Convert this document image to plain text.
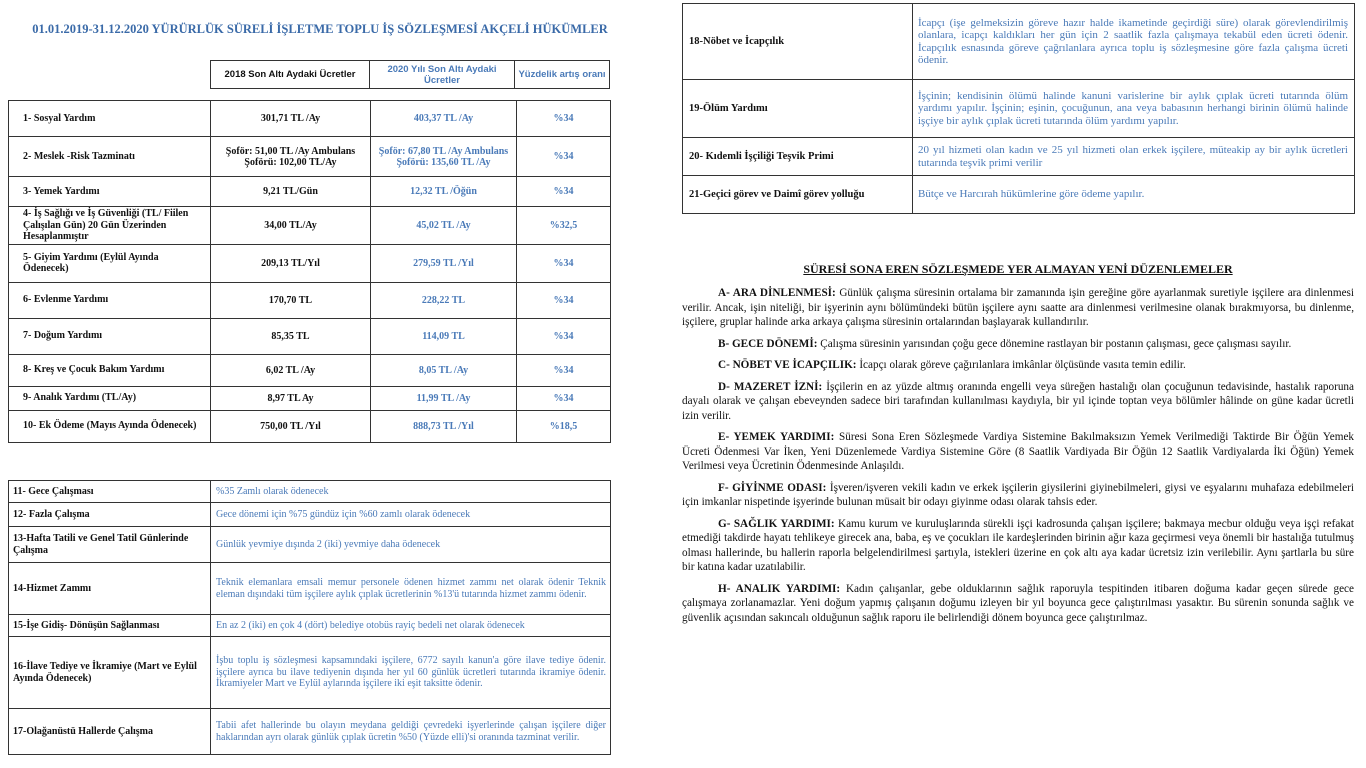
01.01.2019-31.12.2020 YÜRÜRLÜK SÜRELİ İŞLETME TOPLU İŞ SÖZLEŞMESİ AKÇELİ HÜKÜMLER
2018 Son Altı Aydaki Ücretler	2020 Yılı Son Altı Aydaki Ücretler	Yüzdelik artış oranı
1- Sosyal Yardım	301,71 TL /Ay	403,37 TL /Ay	%34
2- Meslek -Risk Tazminatı	Şoför: 51,00 TL /Ay Ambulans Şoförü: 102,00 TL/Ay	Şoför: 67,80 TL /Ay Ambulans Şoförü: 135,60 TL /Ay	%34
3- Yemek Yardımı	9,21 TL/Gün	12,32 TL /Öğün	%34
4- İş Sağlığı ve İş Güvenliği (TL/ Fiilen Çalışılan Gün) 20 Gün Üzerinden Hesaplanmıştır	34,00 TL/Ay	45,02 TL /Ay	%32,5
5- Giyim Yardımı (Eylül Ayında Ödenecek)	209,13 TL/Yıl	279,59 TL /Yıl	%34
6- Evlenme Yardımı	170,70 TL	228,22 TL	%34
7- Doğum Yardımı	85,35 TL	114,09 TL	%34
8- Kreş ve Çocuk Bakım Yardımı	6,02 TL /Ay	8,05 TL /Ay	%34
9- Analık Yardımı (TL/Ay)	8,97 TL Ay	11,99 TL /Ay	%34
10- Ek Ödeme (Mayıs Ayında Ödenecek)	750,00 TL /Yıl	888,73 TL /Yıl	%18,5
11- Gece Çalışması	%35 Zamlı olarak ödenecek
12- Fazla Çalışma	Gece dönemi için %75 gündüz için %60 zamlı olarak ödenecek
13-Hafta Tatili ve Genel Tatil Günlerinde Çalışma	Günlük yevmiye dışında 2 (iki) yevmiye daha ödenecek
14-Hizmet Zammı	Teknik elemanlara emsali memur personele ödenen hizmet zammı net olarak ödenir Teknik eleman dışındaki tüm işçilere aylık çıplak ücretlerinin %13'ü tutarında hizmet zammı ödenir.
15-İşe Gidiş- Dönüşün Sağlanması	En az 2 (iki) en çok 4 (dört) belediye otobüs rayiç bedeli net olarak ödenecek
16-İlave Tediye ve İkramiye (Mart ve Eylül Ayında Ödenecek)	İşbu toplu iş sözleşmesi kapsamındaki işçilere, 6772 sayılı kanun'a göre ilave tediye ödenir. işçilere ayrıca bu ilave tediyenin dışında her yıl 60 günlük ücretleri tutarında ikramiye ödenir. İkramiyeler Mart ve Eylül aylarında işçilere iki eşit taksitte ödenir.
17-Olağanüstü Hallerde Çalışma	Tabii afet hallerinde bu olayın meydana geldiği çevredeki işyerlerinde çalışan işçilere diğer haklarından ayrı olarak günlük çıplak ücretin %50 (Yüzde elli)'si oranında tazminat verilir.
18-Nöbet ve İcapçılık	İcapçı (işe gelmeksizin göreve hazır halde ikametinde geçirdiği süre) olarak görevlendirilmiş olanlara, icapçı kaldıkları her gün için 2 saatlik fazla çalışmaya tekabül eden ücreti ödenir. İcapçılık esnasında göreve çağrılanlara ayrıca toplu iş sözleşmesine göre fazla çalışma ücreti ödenir.
19-Ölüm Yardımı	İşçinin; kendisinin ölümü halinde kanuni varislerine bir aylık çıplak ücreti tutarında ölüm yardımı yapılır. İşçinin; eşinin, çocuğunun, ana veya babasının herhangi birinin ölümü halinde işçiye bir aylık çıplak ücreti tutarında ölüm yardımı yapılır.
20- Kıdemli İşçiliği Teşvik Primi	20 yıl hizmeti olan kadın ve 25 yıl hizmeti olan erkek işçilere, müteakip ay bir aylık ücretleri tutarında teşvik primi verilir
21-Geçici görev ve Daimî görev yolluğu	Bütçe ve Harcırah hükümlerine göre ödeme yapılır.
SÜRESİ SONA EREN SÖZLEŞMEDE YER ALMAYAN YENİ DÜZENLEMELER

A- ARA DİNLENMESİ: Günlük çalışma süresinin ortalama bir zamanında işin gereğine göre ayarlanmak suretiyle işçilere ara dinlenmesi verilir. Ancak, işin niteliği, bir işyerinin aynı bölümündeki bütün işçilere aynı saatte ara dinlenmesi verilmesine olanak bırakmıyorsa, bu dinlenme, işçilere, gruplar halinde arka arkaya çalışma süresinin ortalarından başlayarak kullandırılır.

B- GECE DÖNEMİ: Çalışma süresinin yarısından çoğu gece dönemine rastlayan bir postanın çalışması, gece çalışması sayılır.

C- NÖBET VE İCAPÇILIK: İcapçı olarak göreve çağırılanlara imkânlar ölçüsünde vasıta temin edilir.

D- MAZERET İZNİ: İşçilerin en az yüzde altmış oranında engelli veya süreğen hastalığı olan çocuğunun tedavisinde, hastalık raporuna dayalı olarak ve çalışan ebeveynden sadece biri tarafından kullanılması kaydıyla, bir yıl içinde toptan veya bölümler hâlinde on güne kadar ücretli izin verilir.

E- YEMEK YARDIMI: Süresi Sona Eren Sözleşmede Vardiya Sistemine Bakılmaksızın Yemek Verilmediği Taktirde Bir Öğün Yemek Ücreti Ödenmesi Var İken, Yeni Düzenlemede Vardiya Sistemine Göre (8 Saatlik Vardiyada Bir Öğün 12 Saatlik Vardiyalarda İki Öğün) Yemek Verilmesi veya Ücretinin Ödenmesinde Anlaşıldı.

F- GİYİNME ODASI: İşveren/işveren vekili kadın ve erkek işçilerin giysilerini giyinebilmeleri, giysi ve eşyalarını muhafaza edebilmeleri için imkanlar nispetinde işyerinde bulunan müsait bir odayı giyinme odası olarak tahsis eder.

G- SAĞLIK YARDIMI: Kamu kurum ve kuruluşlarında sürekli işçi kadrosunda çalışan işçilere; bakmaya mecbur olduğu veya işçi refakat etmediği takdirde hayatı tehlikeye girecek ana, baba, eş ve çocukları ile kardeşlerinden birinin ağır kaza geçirmesi veya önemli bir hastalığa tutulmuş olması hallerinde, bu hallerin raporla belgelendirilmesi şartıyla, istekleri üzerine en çok altı aya kadar ücretsiz izin verilebilir. Aynı şartlarla bu süre bir katına kadar uzatılabilir.

H- ANALIK YARDIMI: Kadın çalışanlar, gebe olduklarının sağlık raporuyla tespitinden itibaren doğuma kadar geçen sürede gece çalışmaya zorlanamazlar. Yeni doğum yapmış çalışanın doğumu izleyen bir yıl boyunca gece çalıştırılması yasaktır. Bu sürenin sonunda sağlık ve güvenlik açısından sakıncalı olduğunun sağlık raporu ile belirlendiği dönem boyunca gece çalıştırılmaz.
